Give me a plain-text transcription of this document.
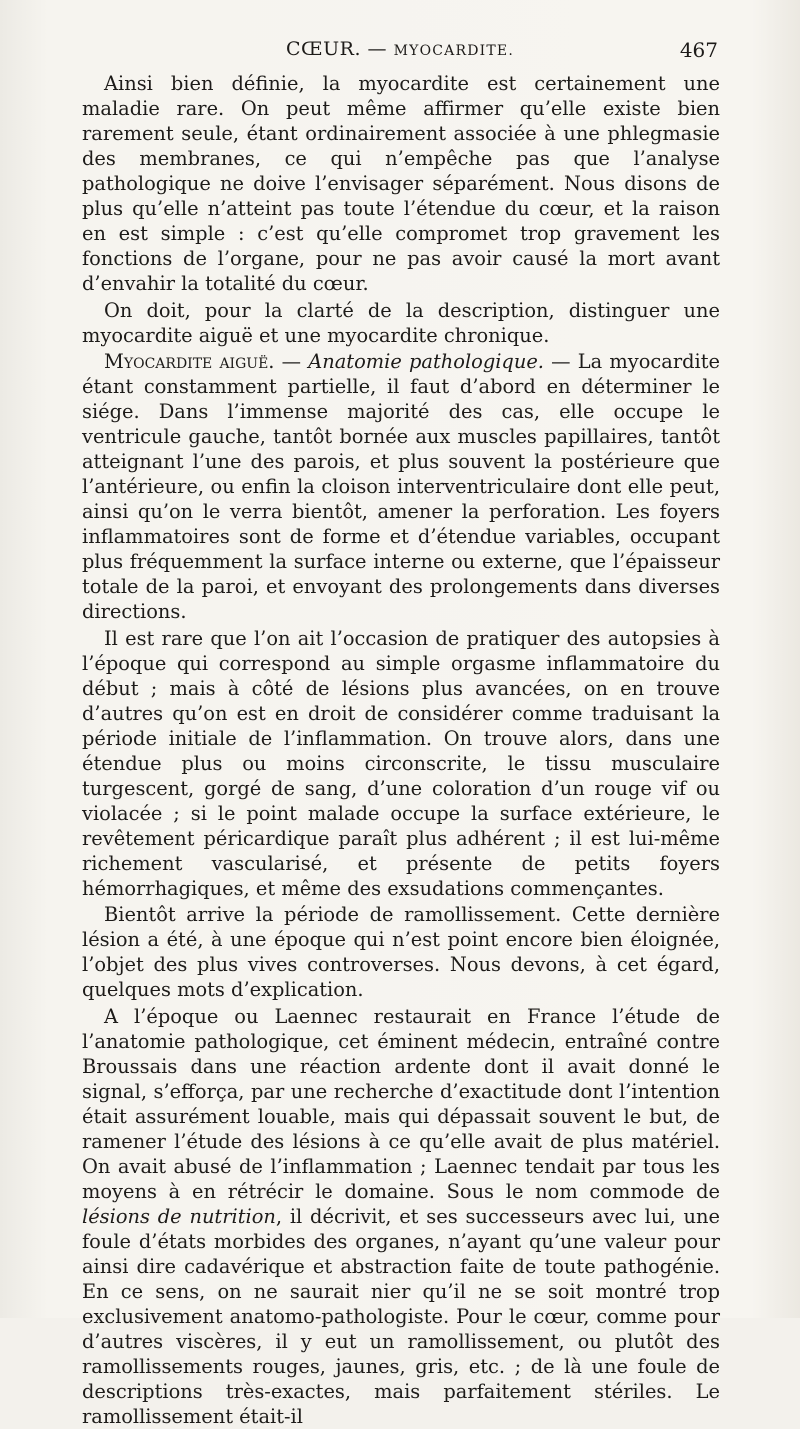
CŒUR. — MYOCARDITE.	467

Ainsi bien définie, la myocardite est certainement une maladie rare. On peut même affirmer qu’elle existe bien rarement seule, étant ordinairement associée à une phlegmasie des membranes, ce qui n’empêche pas que l’analyse pathologique ne doive l’envisager séparément. Nous disons de plus qu’elle n’atteint pas toute l’étendue du cœur, et la raison en est simple : c’est qu’elle compromet trop gravement les fonctions de l’organe, pour ne pas avoir causé la mort avant d’envahir la totalité du cœur.

On doit, pour la clarté de la description, distinguer une myocardite aiguë et une myocardite chronique.

Myocardite aiguë. — Anatomie pathologique. — La myocardite étant constamment partielle, il faut d’abord en déterminer le siége. Dans l’immense majorité des cas, elle occupe le ventricule gauche, tantôt bornée aux muscles papillaires, tantôt atteignant l’une des parois, et plus souvent la postérieure que l’antérieure, ou enfin la cloison interventriculaire dont elle peut, ainsi qu’on le verra bientôt, amener la perforation. Les foyers inflammatoires sont de forme et d’étendue variables, occupant plus fréquemment la surface interne ou externe, que l’épaisseur totale de la paroi, et envoyant des prolongements dans diverses directions.

Il est rare que l’on ait l’occasion de pratiquer des autopsies à l’époque qui correspond au simple orgasme inflammatoire du début ; mais à côté de lésions plus avancées, on en trouve d’autres qu’on est en droit de considérer comme traduisant la période initiale de l’inflammation. On trouve alors, dans une étendue plus ou moins circonscrite, le tissu musculaire turgescent, gorgé de sang, d’une coloration d’un rouge vif ou violacée ; si le point malade occupe la surface extérieure, le revêtement péricardique paraît plus adhérent ; il est lui-même richement vascularisé, et présente de petits foyers hémorrhagiques, et même des exsudations commençantes.

Bientôt arrive la période de ramollissement. Cette dernière lésion a été, à une époque qui n’est point encore bien éloignée, l’objet des plus vives controverses. Nous devons, à cet égard, quelques mots d’explication.

A l’époque ou Laennec restaurait en France l’étude de l’anatomie pathologique, cet éminent médecin, entraîné contre Broussais dans une réaction ardente dont il avait donné le signal, s’efforça, par une recherche d’exactitude dont l’intention était assurément louable, mais qui dépassait souvent le but, de ramener l’étude des lésions à ce qu’elle avait de plus matériel. On avait abusé de l’inflammation ; Laennec tendait par tous les moyens à en rétrécir le domaine. Sous le nom commode de lésions de nutrition, il décrivit, et ses successeurs avec lui, une foule d’états morbides des organes, n’ayant qu’une valeur pour ainsi dire cadavérique et abstraction faite de toute pathogénie. En ce sens, on ne saurait nier qu’il ne se soit montré trop exclusivement anatomo-pathologiste. Pour le cœur, comme pour d’autres viscères, il y eut un ramollissement, ou plutôt des ramollissements rouges, jaunes, gris, etc. ; de là une foule de descriptions très-exactes, mais parfaitement stériles. Le ramollissement était-il
